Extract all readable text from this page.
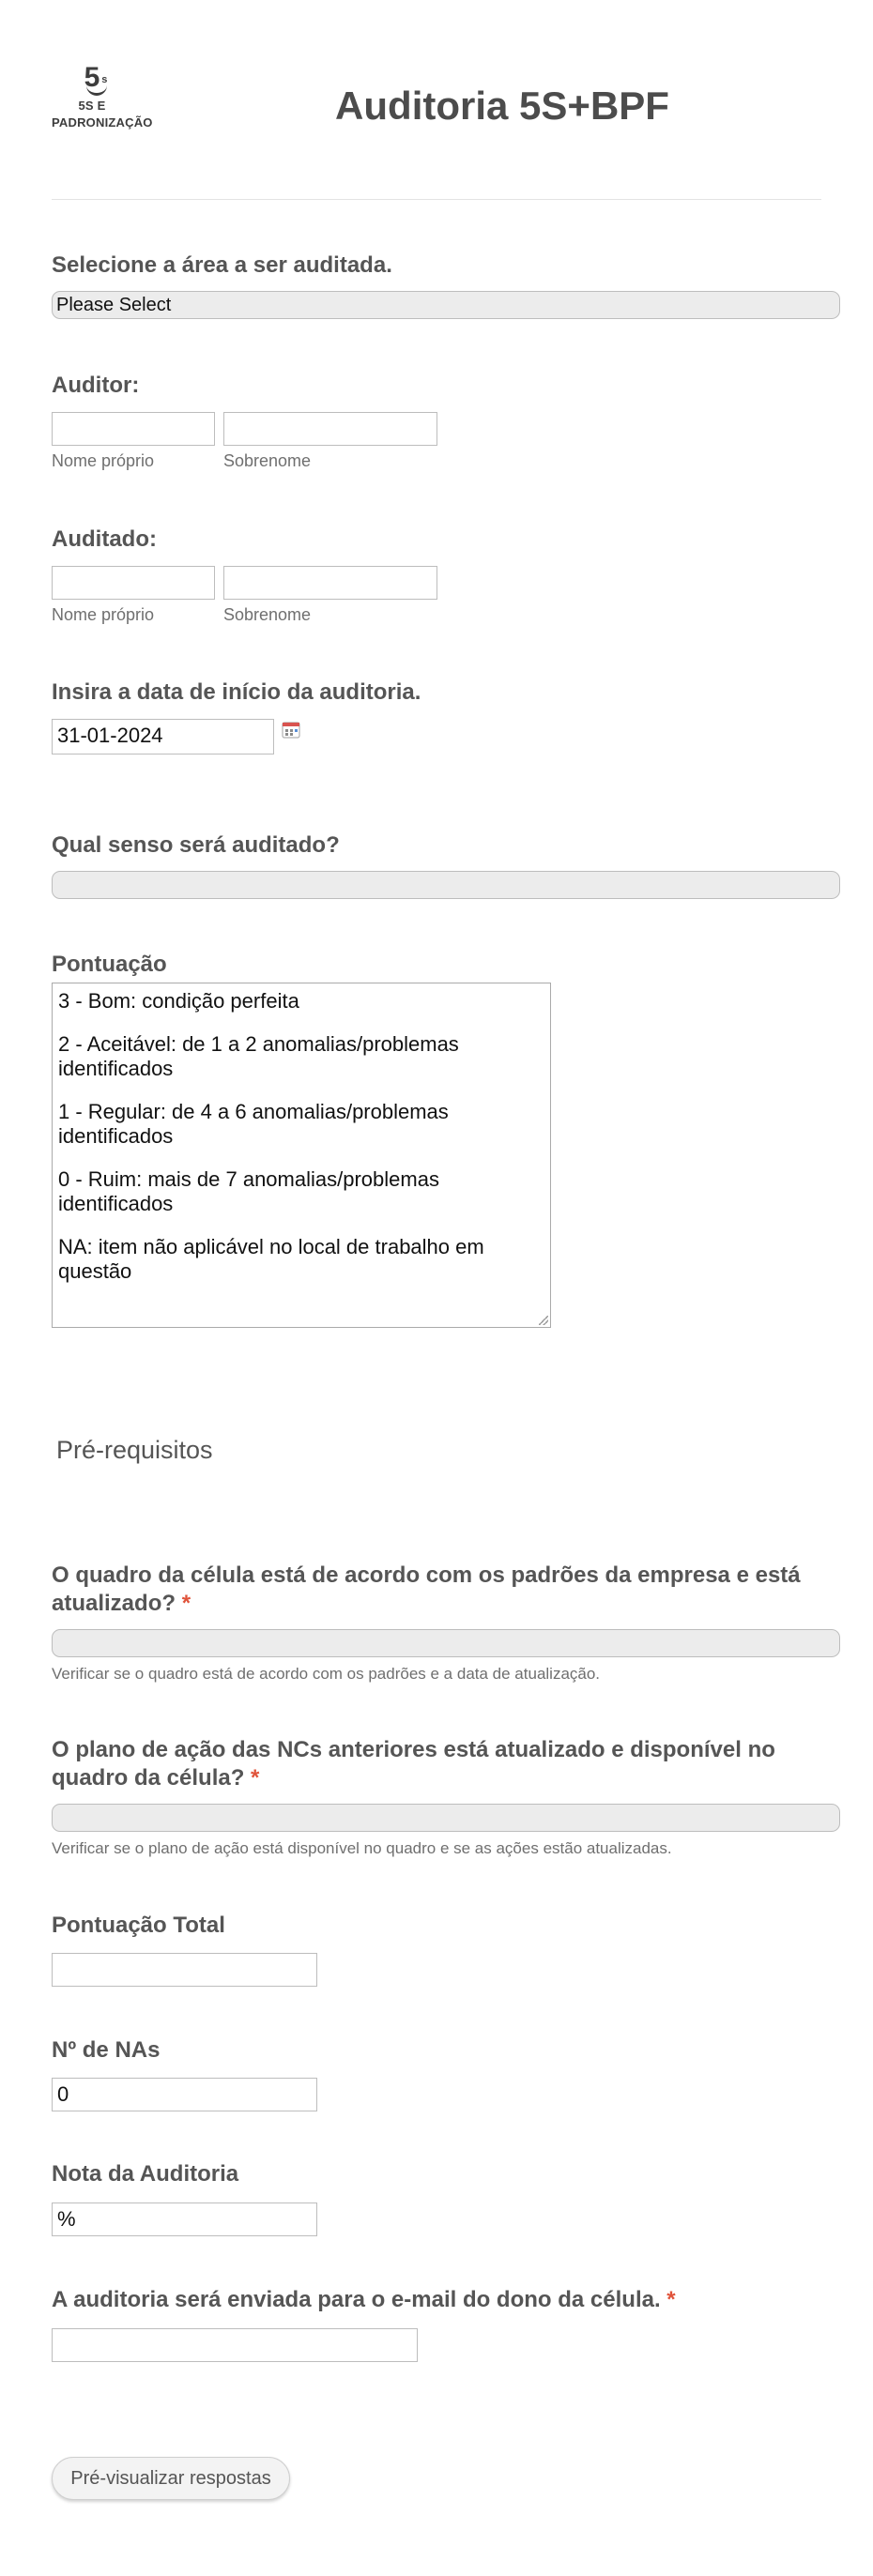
5 s
5S E
PADRONIZAÇÃO	Auditoria 5S+BPF
Selecione a área a ser auditada.
Please Select
Auditor:
Nome próprio	Sobrenome
Auditado:
Nome próprio	Sobrenome
Insira a data de início da auditoria.
31-01-2024
Qual senso será auditado?
Pontuação

3 - Bom: condição perfeita

2 - Aceitável: de 1 a 2 anomalias/problemas identificados

1 - Regular: de 4 a 6 anomalias/problemas identificados

0 - Ruim: mais de 7 anomalias/problemas identificados

NA: item não aplicável no local de trabalho em questão

Pré-requisitos
O quadro da célula está de acordo com os padrões da empresa e está atualizado? *
Verificar se o quadro está de acordo com os padrões e a data de atualização.
O plano de ação das NCs anteriores está atualizado e disponível no quadro da célula? *
Verificar se o plano de ação está disponível no quadro e se as ações estão atualizadas.
Pontuação Total
Nº de NAs
0
Nota da Auditoria
%
A auditoria será enviada para o e-mail do dono da célula. *
Pré-visualizar respostas
